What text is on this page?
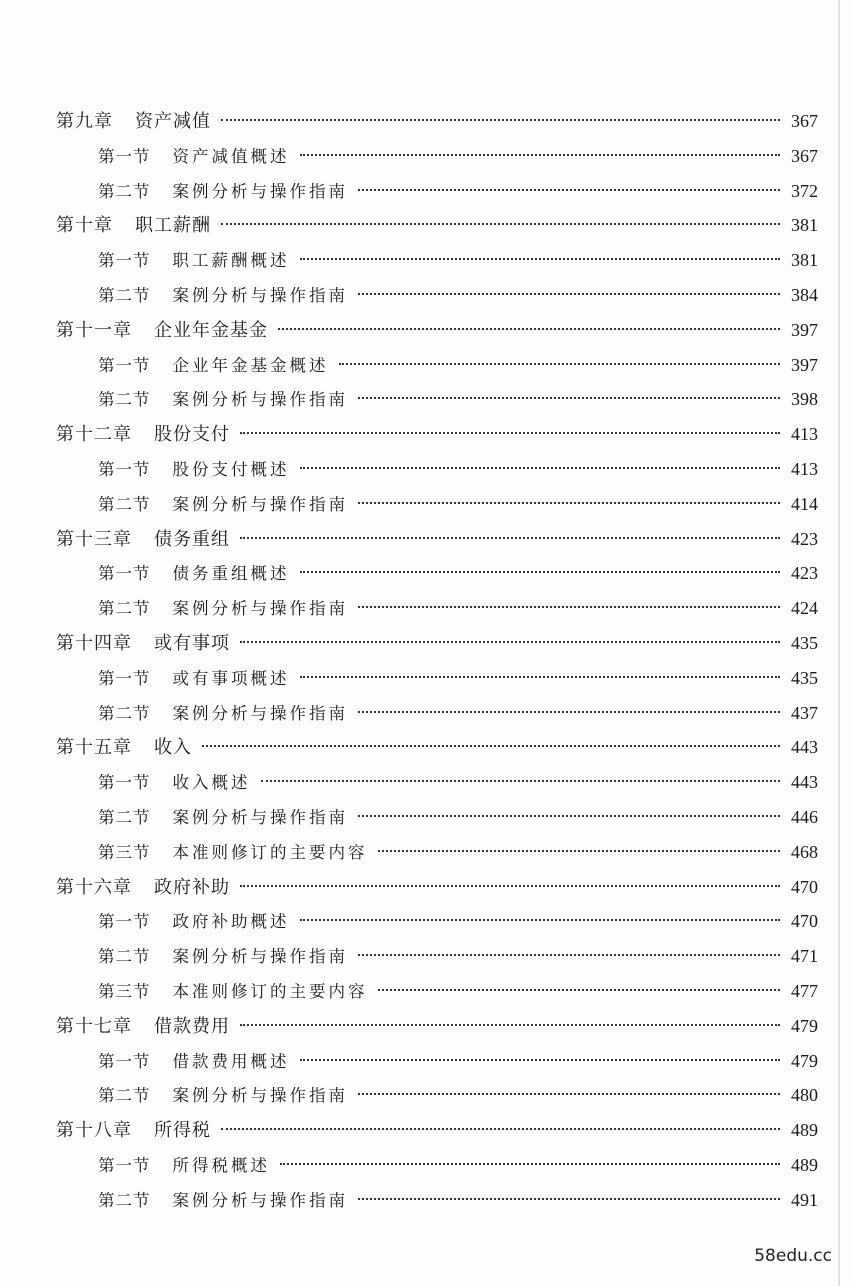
第九章 资产减值	367
第一节 资产减值概述	367
第二节 案例分析与操作指南	372
第十章 职工薪酬	381
第一节 职工薪酬概述	381
第二节 案例分析与操作指南	384
第十一章 企业年金基金	397
第一节 企业年金基金概述	397
第二节 案例分析与操作指南	398
第十二章 股份支付	413
第一节 股份支付概述	413
第二节 案例分析与操作指南	414
第十三章 债务重组	423
第一节 债务重组概述	423
第二节 案例分析与操作指南	424
第十四章 或有事项	435
第一节 或有事项概述	435
第二节 案例分析与操作指南	437
第十五章 收入	443
第一节 收入概述	443
第二节 案例分析与操作指南	446
第三节 本准则修订的主要内容	468
第十六章 政府补助	470
第一节 政府补助概述	470
第二节 案例分析与操作指南	471
第三节 本准则修订的主要内容	477
第十七章 借款费用	479
第一节 借款费用概述	479
第二节 案例分析与操作指南	480
第十八章 所得税	489
第一节 所得税概述	489
第二节 案例分析与操作指南	491
58edu.cc
